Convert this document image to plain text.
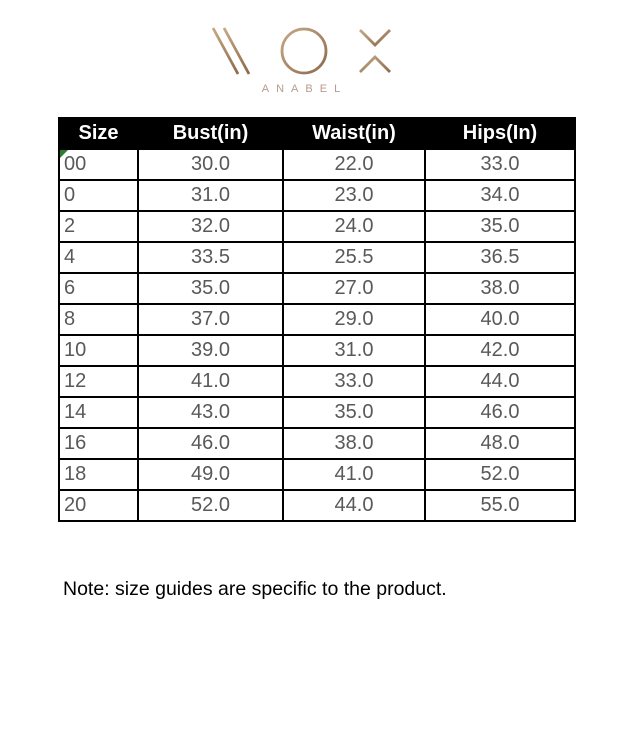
ANABEL
Size	Bust(in)	Waist(in)	Hips(In)
00	30.0	22.0	33.0
0	31.0	23.0	34.0
2	32.0	24.0	35.0
4	33.5	25.5	36.5
6	35.0	27.0	38.0
8	37.0	29.0	40.0
10	39.0	31.0	42.0
12	41.0	33.0	44.0
14	43.0	35.0	46.0
16	46.0	38.0	48.0
18	49.0	41.0	52.0
20	52.0	44.0	55.0

Note: size guides are specific to the product.
